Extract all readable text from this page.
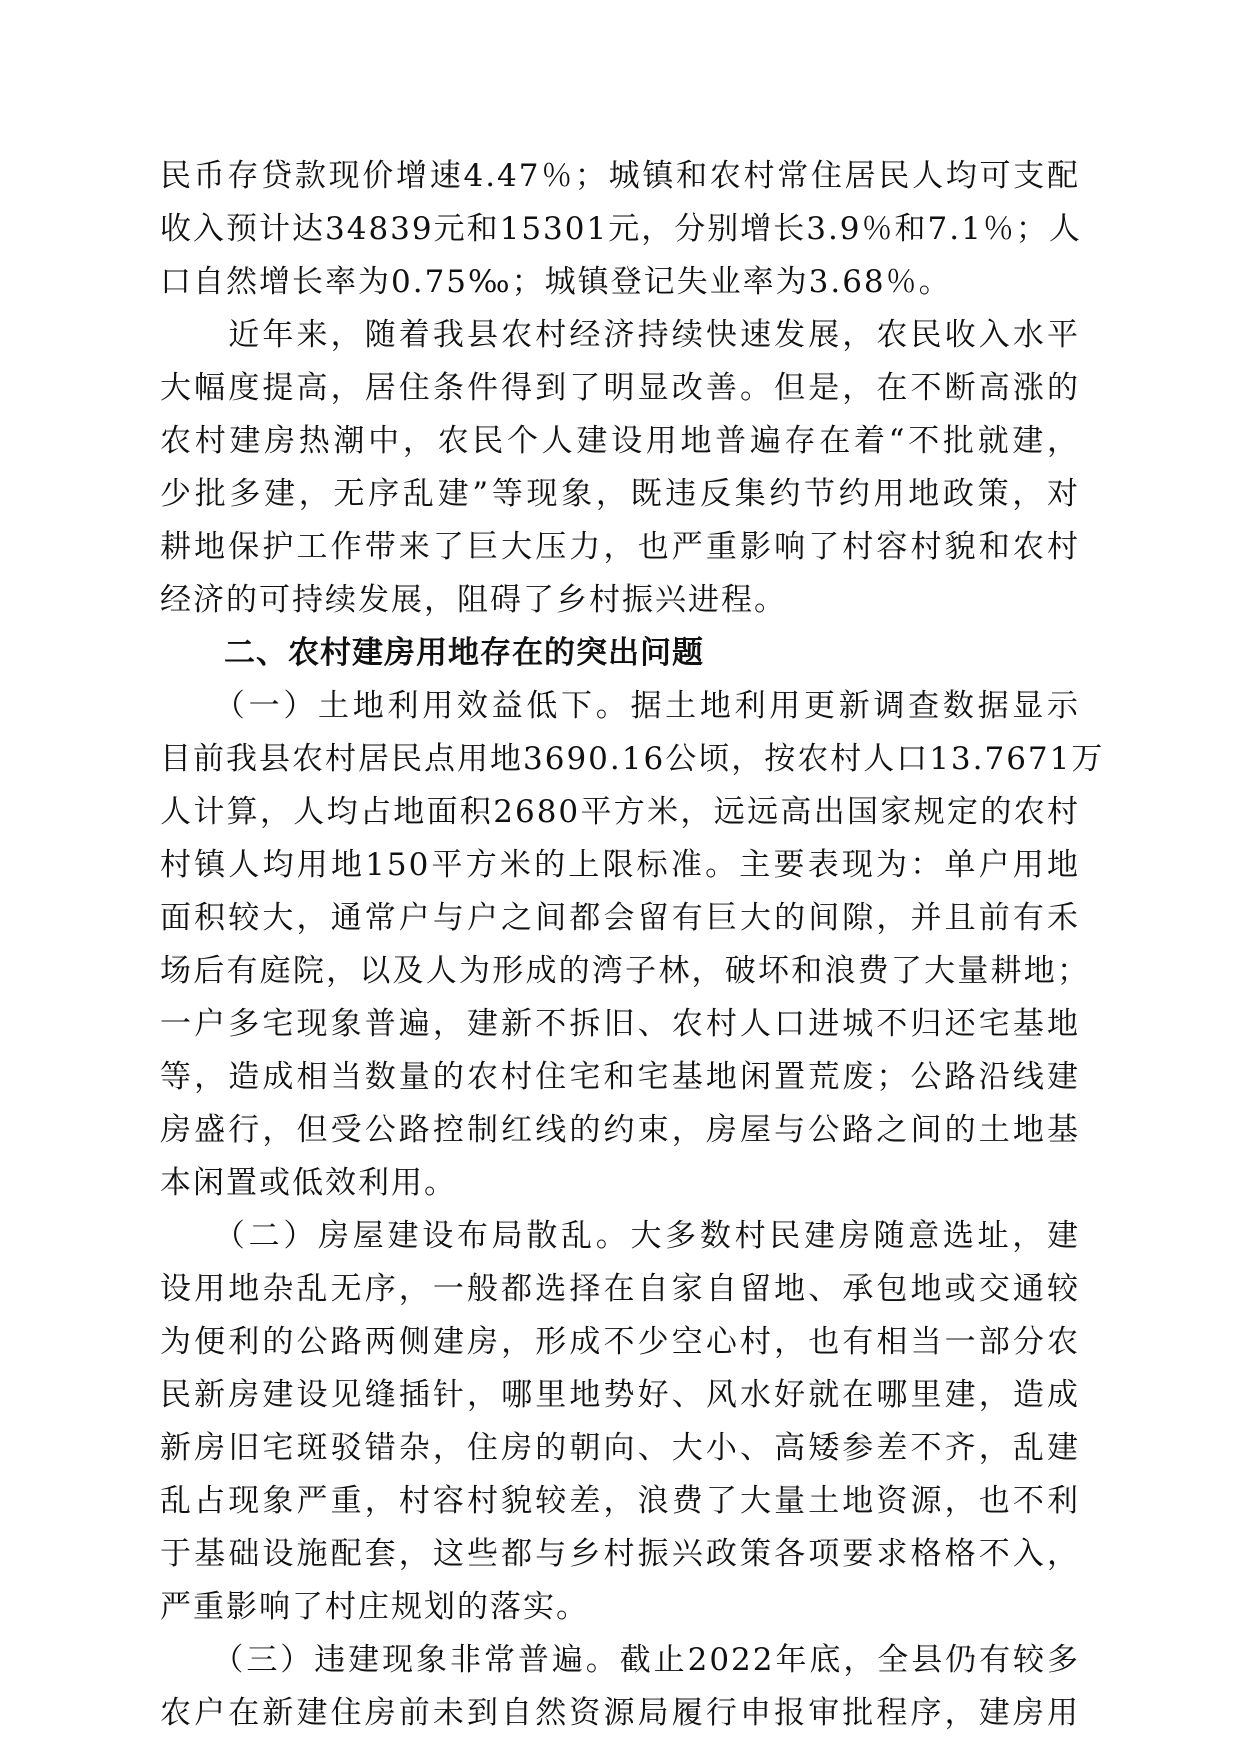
民币存贷款现价增速4.47％；城镇和农村常住居民人均可支配
收入预计达34839元和15301元，分别增长3.9％和7.1％；人
口自然增长率为0.75‰；城镇登记失业率为3.68％。
　　近年来，随着我县农村经济持续快速发展，农民收入水平
大幅度提高，居住条件得到了明显改善。但是，在不断高涨的
农村建房热潮中，农民个人建设用地普遍存在着“不批就建，
少批多建，无序乱建”等现象，既违反集约节约用地政策，对
耕地保护工作带来了巨大压力，也严重影响了村容村貌和农村
经济的可持续发展，阻碍了乡村振兴进程。
　　二、农村建房用地存在的突出问题
　　（一）土地利用效益低下。据土地利用更新调查数据显示
目前我县农村居民点用地3690.16公顷，按农村人口13.7671万
人计算，人均占地面积2680平方米，远远高出国家规定的农村
村镇人均用地150平方米的上限标准。主要表现为：单户用地
面积较大，通常户与户之间都会留有巨大的间隙，并且前有禾
场后有庭院，以及人为形成的湾子林，破坏和浪费了大量耕地；
一户多宅现象普遍，建新不拆旧、农村人口进城不归还宅基地
等，造成相当数量的农村住宅和宅基地闲置荒废；公路沿线建
房盛行，但受公路控制红线的约束，房屋与公路之间的土地基
本闲置或低效利用。
　　（二）房屋建设布局散乱。大多数村民建房随意选址，建
设用地杂乱无序，一般都选择在自家自留地、承包地或交通较
为便利的公路两侧建房，形成不少空心村，也有相当一部分农
民新房建设见缝插针，哪里地势好、风水好就在哪里建，造成
新房旧宅斑驳错杂，住房的朝向、大小、高矮参差不齐，乱建
乱占现象严重，村容村貌较差，浪费了大量土地资源，也不利
于基础设施配套，这些都与乡村振兴政策各项要求格格不入，
严重影响了村庄规划的落实。
　　（三）违建现象非常普遍。截止2022年底，全县仍有较多
农户在新建住房前未到自然资源局履行申报审批程序，建房用
